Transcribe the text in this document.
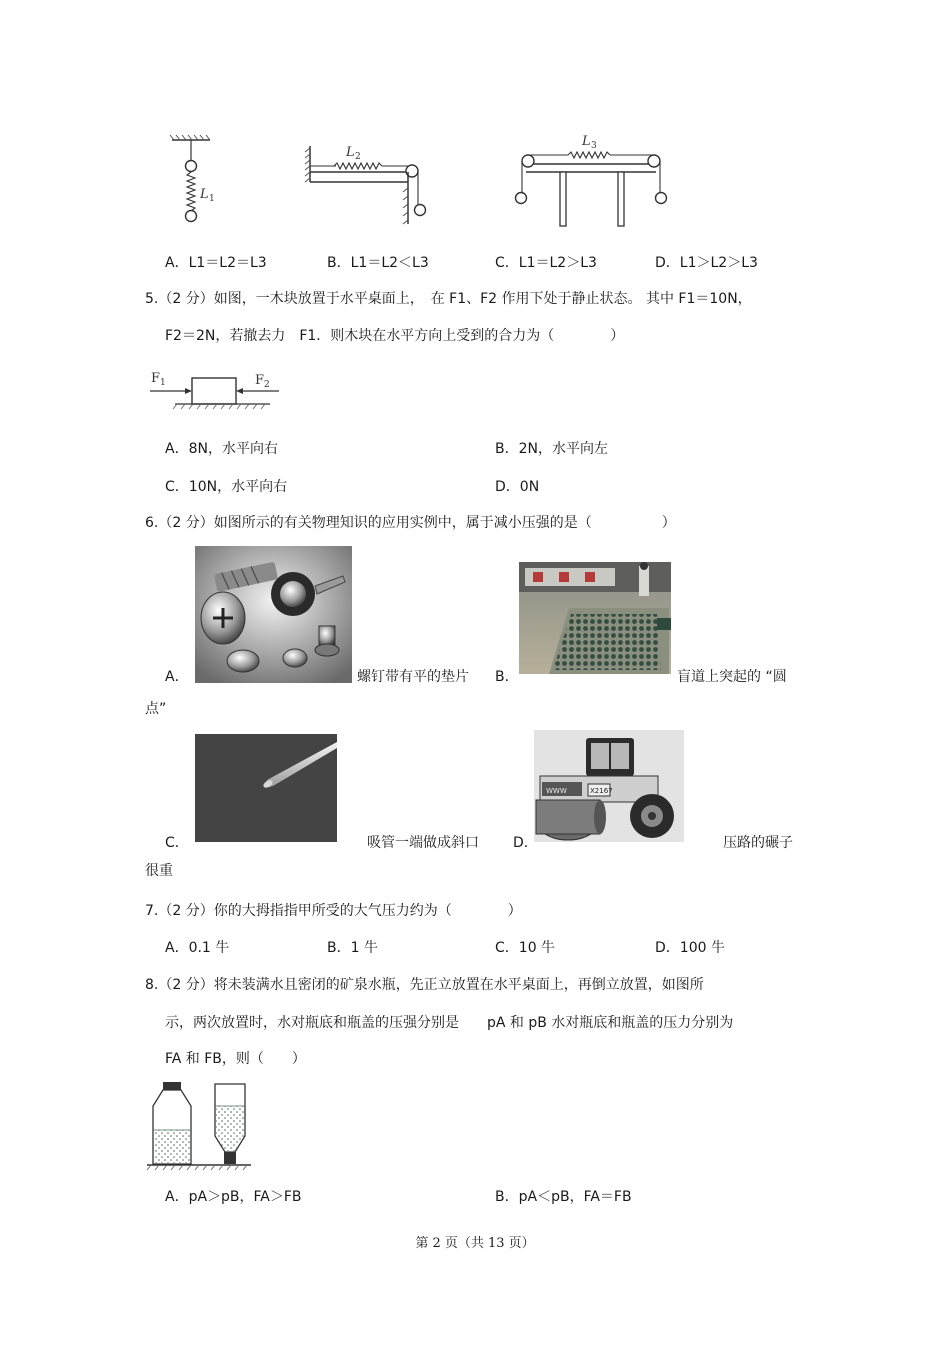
L 1
L 2
L 3
A．L1＝L2＝L3	B．L1＝L2＜L3	C．L1＝L2＞L3	D．L1＞L2＞L3
5.（2 分）如图，一木块放置于水平桌面上，　在 F1、F2 作用下处于静止状态。 其中 F1＝10N，
F2＝2N，若撤去力　F1．则木块在水平方向上受到的合力为（　　　　）
F 1	F 2
A．8N，水平向右	B．2N，水平向左
C．10N，水平向右	D．0N
6.（2 分）如图所示的有关物理知识的应用实例中，属于减小压强的是（　　　　　）
A．	螺钉带有平的垫片 B．	盲道上突起的 “圆
点”
C．	吸管一端做成斜口
WWW	X2167
D．	压路的碾子
很重
7.（2 分）你的大拇指指甲所受的大气压力约为（　　　　）
A．0.1 牛	B．1 牛	C．10 牛	D．100 牛
8.（2 分）将未装满水且密闭的矿泉水瓶，先正立放置在水平桌面上，再倒立放置，如图所
示，两次放置时，水对瓶底和瓶盖的压强分别是　　pA 和 pB 水对瓶底和瓶盖的压力分别为
FA 和 FB，则（　　）
A．pA＞pB，FA＞FB	B．pA＜pB，FA＝FB
第 2 页（共 13 页）
